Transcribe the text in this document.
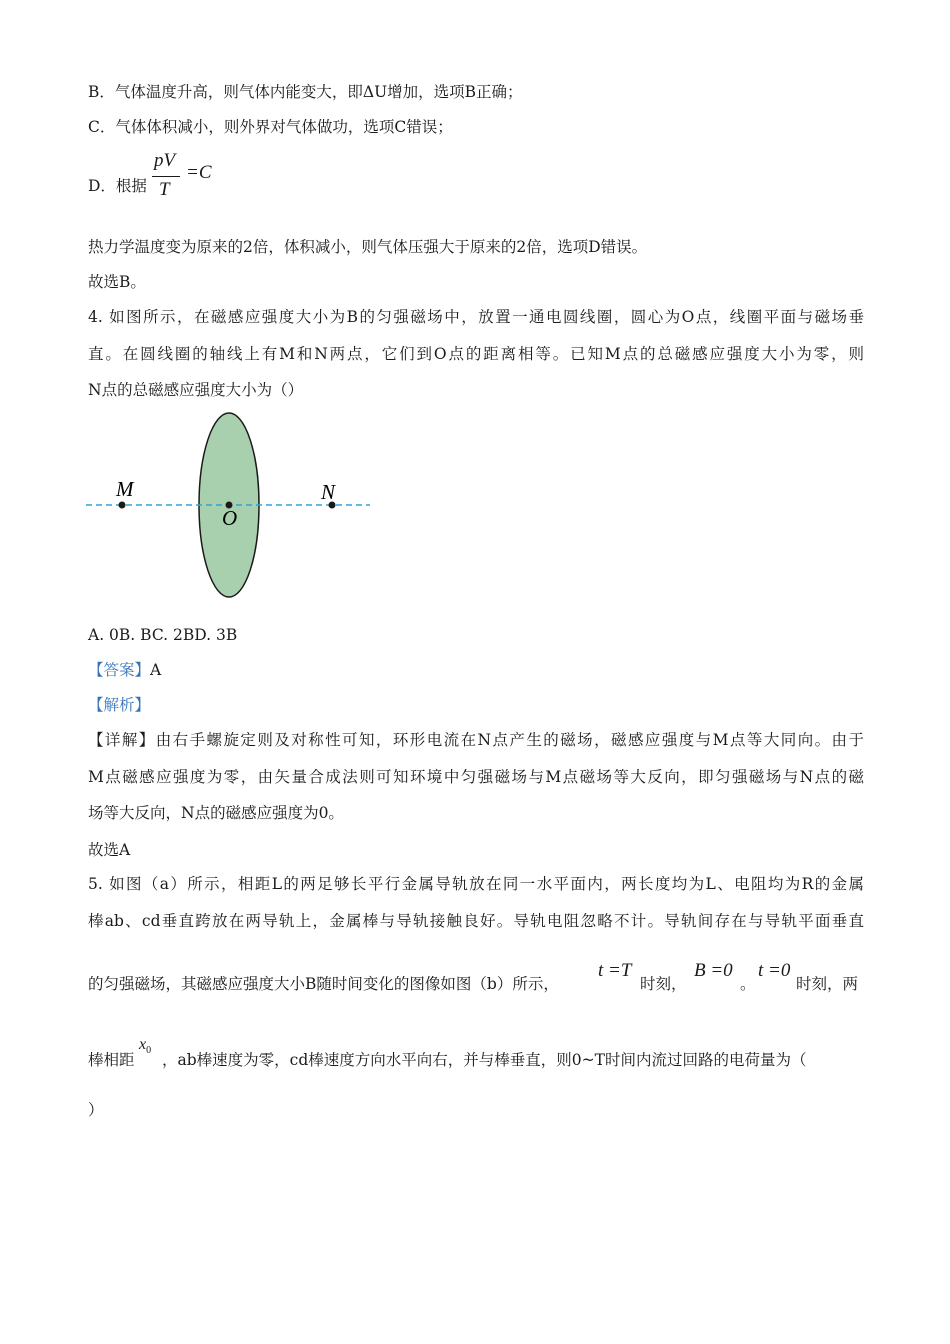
B．气体温度升高，则气体内能变大，即ΔU增加，选项B正确；
C．气体体积减小，则外界对气体做功，选项C错误；
D．根据
pV
T
=C
热力学温度变为原来的2倍，体积减小，则气体压强大于原来的2倍，选项D错误。
故选B。
4. 如图所示，在磁感应强度大小为B的匀强磁场中，放置一通电圆线圈，圆心为O点，线圈平面与磁场垂
直。在圆线圈的轴线上有M和N两点，它们到O点的距离相等。已知M点的总磁感应强度大小为零，则
N点的总磁感应强度大小为（）
A. 0B. BC. 2BD. 3B
【答案】A
【解析】
【详解】由右手螺旋定则及对称性可知，环形电流在N点产生的磁场，磁感应强度与M点等大同向。由于
M点磁感应强度为零，由矢量合成法则可知环境中匀强磁场与M点磁场等大反向，即匀强磁场与N点的磁
场等大反向，N点的磁感应强度为0。
故选A
5. 如图（a）所示，相距L的两足够长平行金属导轨放在同一水平面内，两长度均为L、电阻均为R的金属
棒ab、cd垂直跨放在两导轨上，金属棒与导轨接触良好。导轨电阻忽略不计。导轨间存在与导轨平面垂直
的匀强磁场，其磁感应强度大小B随时间变化的图像如图（b）所示，	时刻，	。	时刻，两
棒相距 ，ab棒速度为零，cd棒速度方向水平向右，并与棒垂直，则0~T时间内流过回路的电荷量为（
）
t =T	B =0 t =0
$x_0$
M
O
N
